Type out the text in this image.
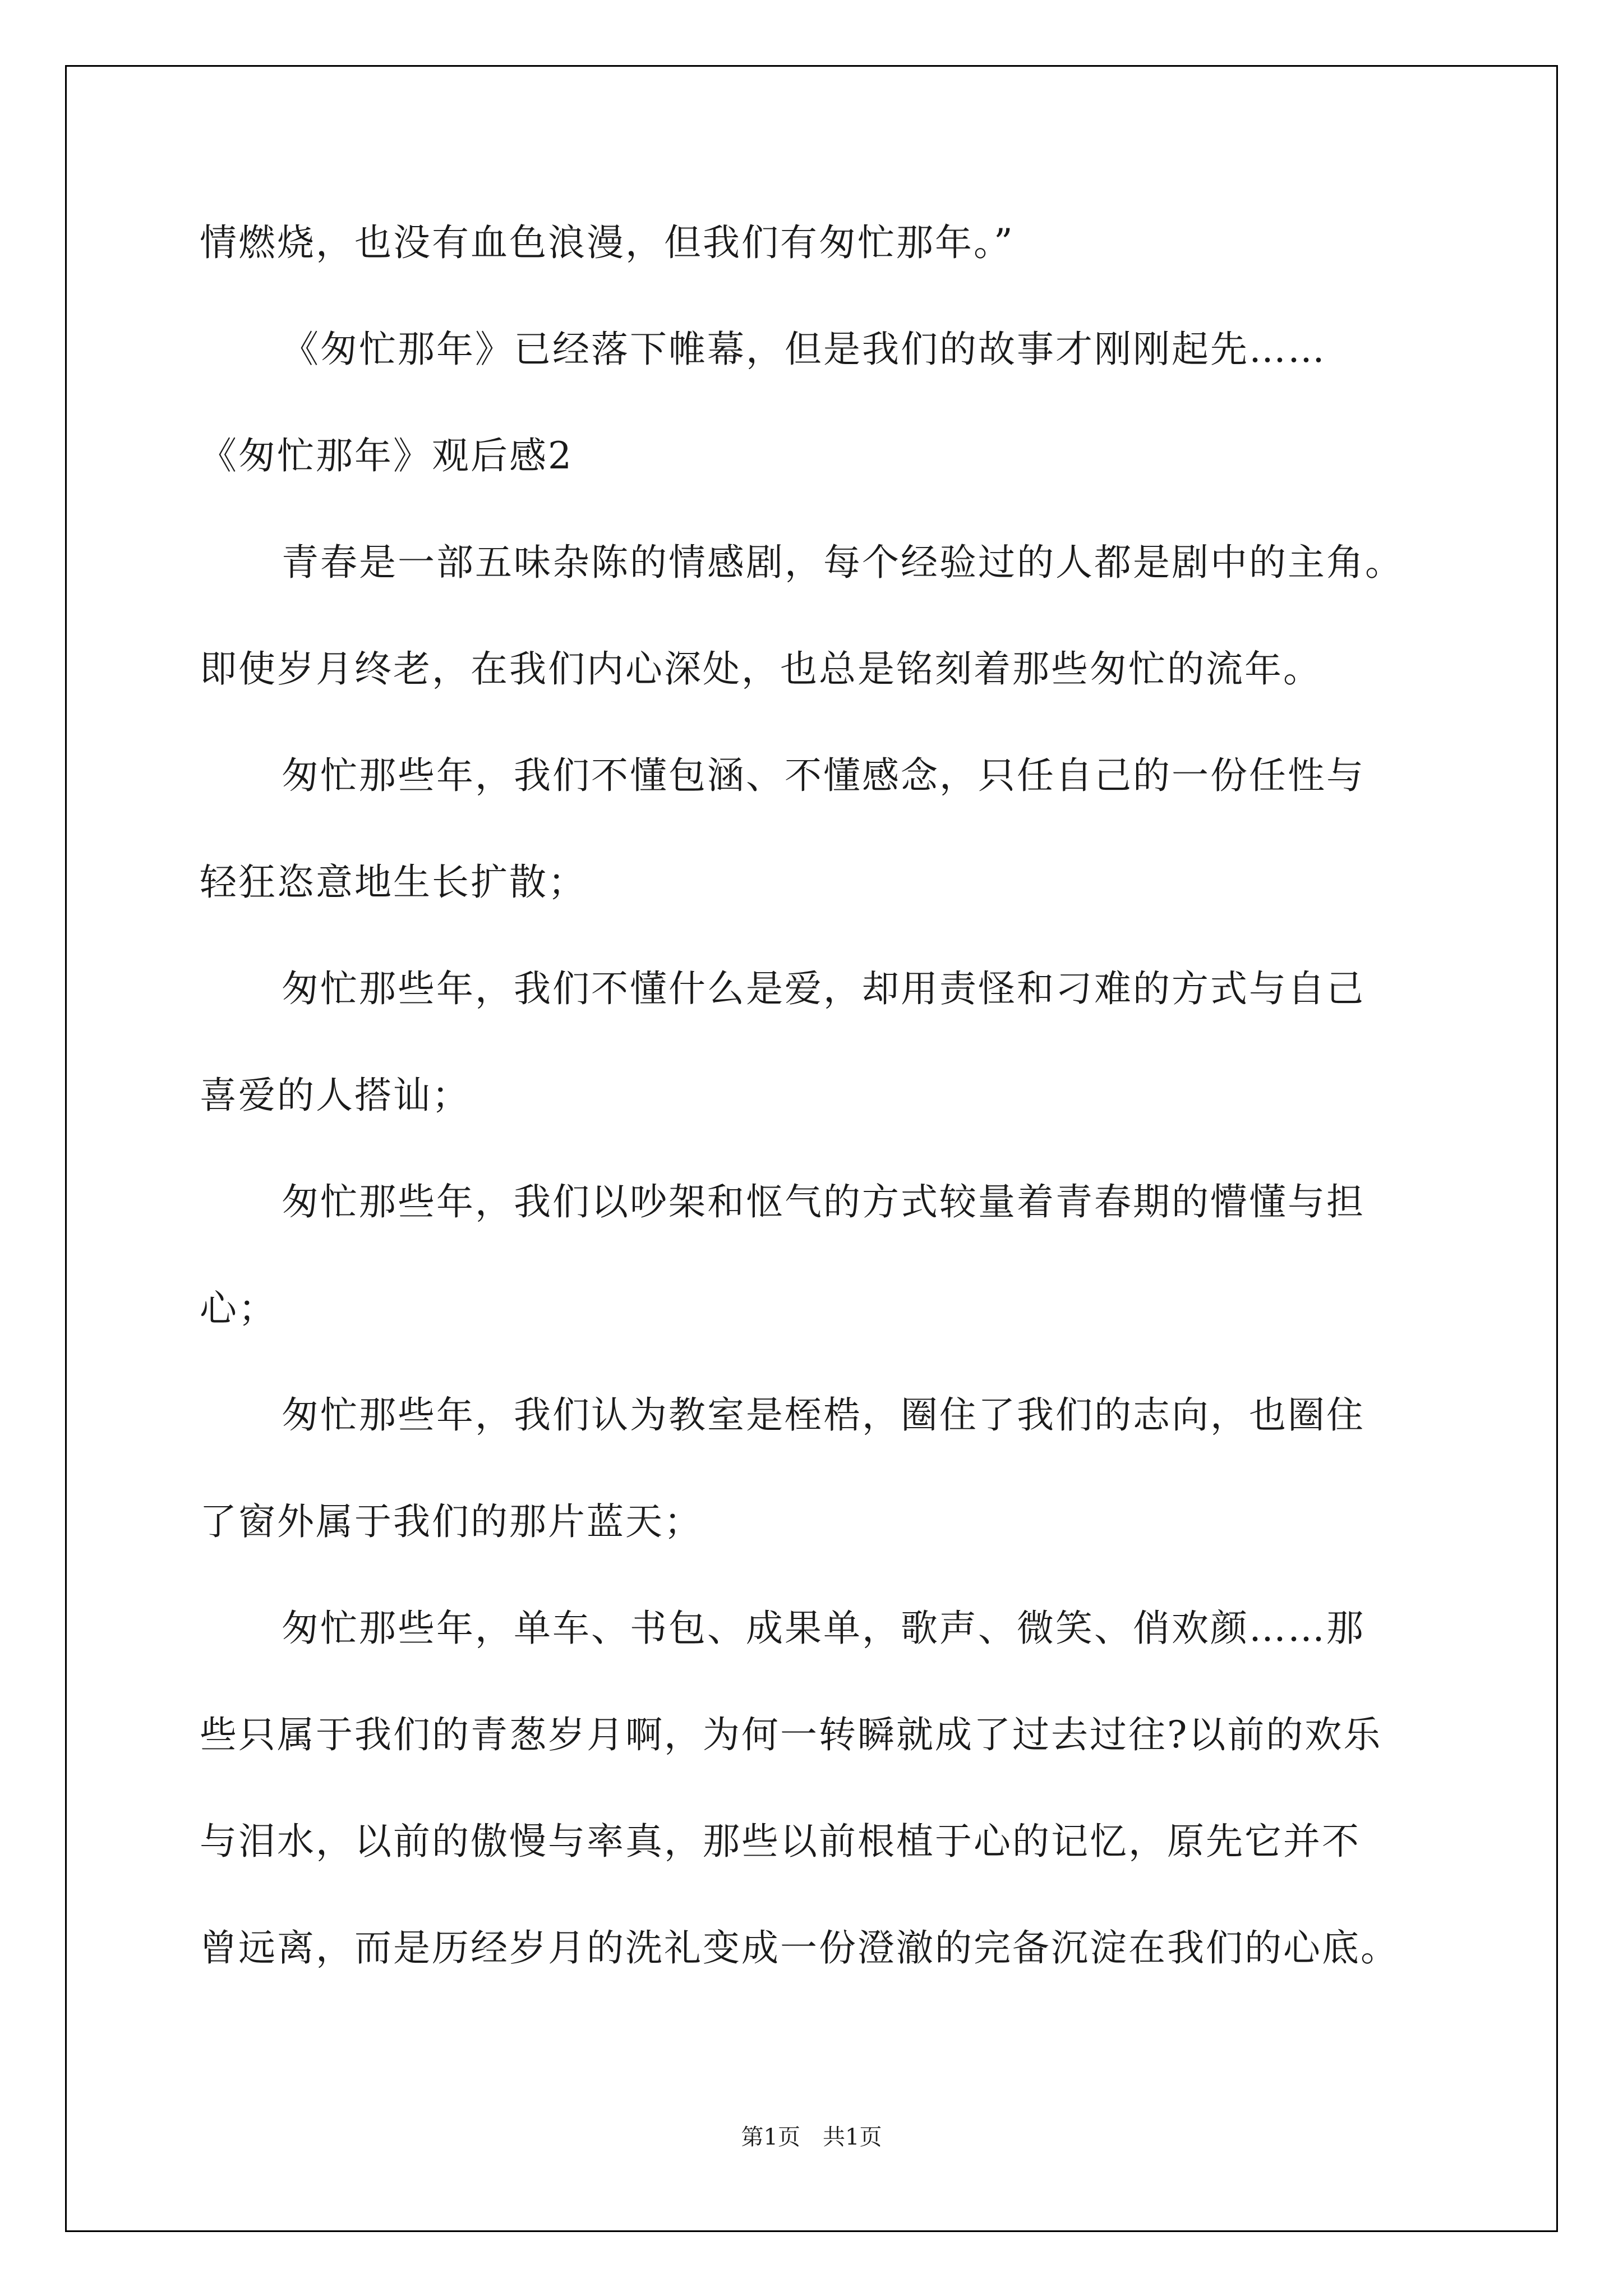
情燃烧，也没有血色浪漫，但我们有匆忙那年。”
《匆忙那年》已经落下帷幕，但是我们的故事才刚刚起先……
《匆忙那年》观后感2
青春是一部五味杂陈的情感剧，每个经验过的人都是剧中的主角。
即使岁月终老，在我们内心深处，也总是铭刻着那些匆忙的流年。
匆忙那些年，我们不懂包涵、不懂感念，只任自己的一份任性与
轻狂恣意地生长扩散；
匆忙那些年，我们不懂什么是爱，却用责怪和刁难的方式与自己
喜爱的人搭讪；
匆忙那些年，我们以吵架和怄气的方式较量着青春期的懵懂与担
心；
匆忙那些年，我们认为教室是桎梏，圈住了我们的志向，也圈住
了窗外属于我们的那片蓝天；
匆忙那些年，单车、书包、成果单，歌声、微笑、俏欢颜……那
些只属于我们的青葱岁月啊，为何一转瞬就成了过去过往?以前的欢乐
与泪水，以前的傲慢与率真，那些以前根植于心的记忆，原先它并不
曾远离，而是历经岁月的洗礼变成一份澄澈的完备沉淀在我们的心底。
第1页 共1页
